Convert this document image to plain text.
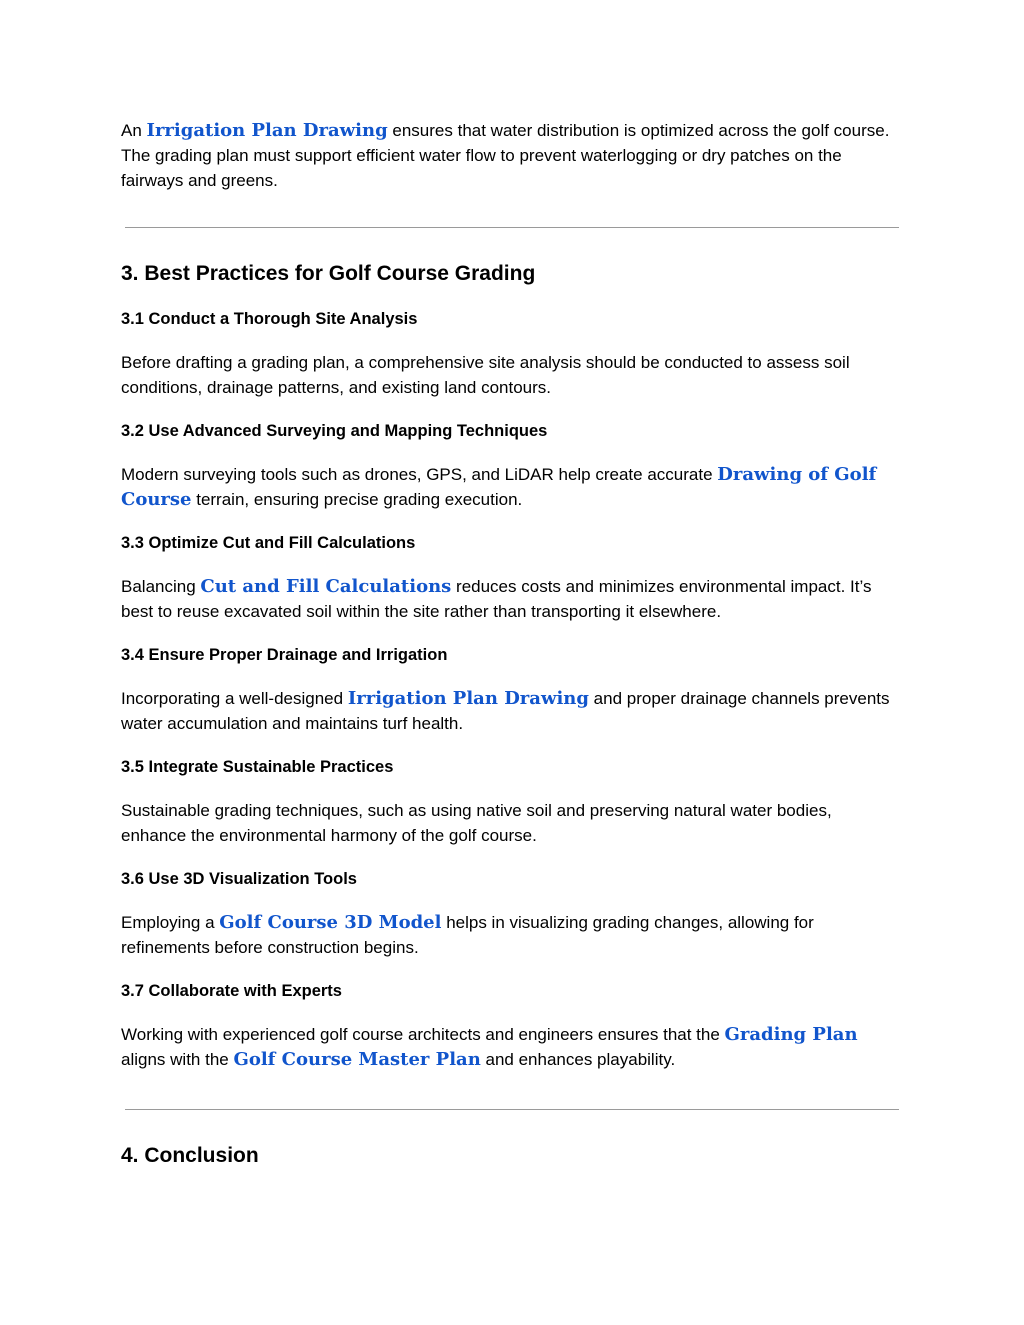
An Irrigation Plan Drawing ensures that water distribution is optimized across the golf course. The grading plan must support efficient water flow to prevent waterlogging or dry patches on the fairways and greens.

3. Best Practices for Golf Course Grading
3.1 Conduct a Thorough Site Analysis

Before drafting a grading plan, a comprehensive site analysis should be conducted to assess soil conditions, drainage patterns, and existing land contours.

3.2 Use Advanced Surveying and Mapping Techniques

Modern surveying tools such as drones, GPS, and LiDAR help create accurate Drawing of Golf Course terrain, ensuring precise grading execution.

3.3 Optimize Cut and Fill Calculations

Balancing Cut and Fill Calculations reduces costs and minimizes environmental impact. It’s best to reuse excavated soil within the site rather than transporting it elsewhere.

3.4 Ensure Proper Drainage and Irrigation

Incorporating a well-designed Irrigation Plan Drawing and proper drainage channels prevents water accumulation and maintains turf health.

3.5 Integrate Sustainable Practices

Sustainable grading techniques, such as using native soil and preserving natural water bodies, enhance the environmental harmony of the golf course.

3.6 Use 3D Visualization Tools

Employing a Golf Course 3D Model helps in visualizing grading changes, allowing for refinements before construction begins.

3.7 Collaborate with Experts

Working with experienced golf course architects and engineers ensures that the Grading Plan aligns with the Golf Course Master Plan and enhances playability.

4. Conclusion
